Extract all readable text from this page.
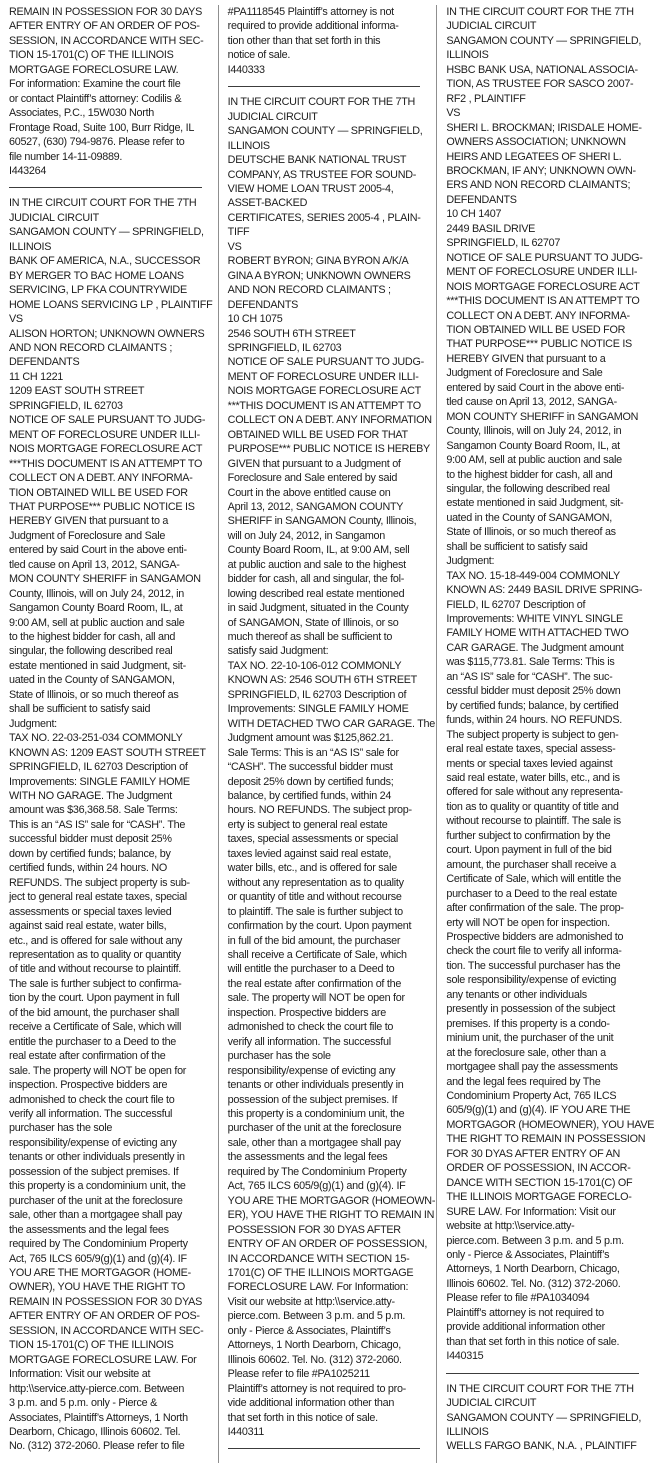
REMAIN IN POSSESSION FOR 30 DAYS
AFTER ENTRY OF AN ORDER OF POS-
SESSION, IN ACCORDANCE WITH SEC-
TION 15-1701(C) OF THE ILLINOIS
MORTGAGE FORECLOSURE LAW.
For information: Examine the court file
or contact Plaintiff’s attorney: Codilis &
Associates, P.C., 15W030 North
Frontage Road, Suite 100, Burr Ridge, IL
60527, (630) 794-9876. Please refer to
file number 14-11-09889.
I443264
IN THE CIRCUIT COURT FOR THE 7TH
JUDICIAL CIRCUIT
SANGAMON COUNTY — SPRINGFIELD,
ILLINOIS
BANK OF AMERICA, N.A., SUCCESSOR
BY MERGER TO BAC HOME LOANS
SERVICING, LP FKA COUNTRYWIDE
HOME LOANS SERVICING LP , PLAINTIFF
VS
ALISON HORTON; UNKNOWN OWNERS
AND NON RECORD CLAIMANTS ;
DEFENDANTS
11 CH 1221
1209 EAST SOUTH STREET
SPRINGFIELD, IL 62703
NOTICE OF SALE PURSUANT TO JUDG-
MENT OF FORECLOSURE UNDER ILLI-
NOIS MORTGAGE FORECLOSURE ACT
***THIS DOCUMENT IS AN ATTEMPT TO
COLLECT ON A DEBT. ANY INFORMA-
TION OBTAINED WILL BE USED FOR
THAT PURPOSE*** PUBLIC NOTICE IS
HEREBY GIVEN that pursuant to a
Judgment of Foreclosure and Sale
entered by said Court in the above enti-
tled cause on April 13, 2012, SANGA-
MON COUNTY SHERIFF in SANGAMON
County, Illinois, will on July 24, 2012, in
Sangamon County Board Room, IL, at
9:00 AM, sell at public auction and sale
to the highest bidder for cash, all and
singular, the following described real
estate mentioned in said Judgment, sit-
uated in the County of SANGAMON,
State of Illinois, or so much thereof as
shall be sufficient to satisfy said
Judgment:
TAX NO. 22-03-251-034 COMMONLY
KNOWN AS: 1209 EAST SOUTH STREET
SPRINGFIELD, IL 62703 Description of
Improvements: SINGLE FAMILY HOME
WITH NO GARAGE. The Judgment
amount was $36,368.58. Sale Terms:
This is an “AS IS” sale for “CASH”. The
successful bidder must deposit 25%
down by certified funds; balance, by
certified funds, within 24 hours. NO
REFUNDS. The subject property is sub-
ject to general real estate taxes, special
assessments or special taxes levied
against said real estate, water bills,
etc., and is offered for sale without any
representation as to quality or quantity
of title and without recourse to plaintiff.
The sale is further subject to confirma-
tion by the court. Upon payment in full
of the bid amount, the purchaser shall
receive a Certificate of Sale, which will
entitle the purchaser to a Deed to the
real estate after confirmation of the
sale. The property will NOT be open for
inspection. Prospective bidders are
admonished to check the court file to
verify all information. The successful
purchaser has the sole
responsibility/expense of evicting any
tenants or other individuals presently in
possession of the subject premises. If
this property is a condominium unit, the
purchaser of the unit at the foreclosure
sale, other than a mortgagee shall pay
the assessments and the legal fees
required by The Condominium Property
Act, 765 ILCS 605/9(g)(1) and (g)(4). IF
YOU ARE THE MORTGAGOR (HOME-
OWNER), YOU HAVE THE RIGHT TO
REMAIN IN POSSESSION FOR 30 DYAS
AFTER ENTRY OF AN ORDER OF POS-
SESSION, IN ACCORDANCE WITH SEC-
TION 15-1701(C) OF THE ILLINOIS
MORTGAGE FORECLOSURE LAW. For
Information: Visit our website at
http:\\service.atty-pierce.com. Between
3 p.m. and 5 p.m. only - Pierce &
Associates, Plaintiff’s Attorneys, 1 North
Dearborn, Chicago, Illinois 60602. Tel.
No. (312) 372-2060. Please refer to file
#PA1118545 Plaintiff’s attorney is not
required to provide additional informa-
tion other than that set forth in this
notice of sale.
I440333
IN THE CIRCUIT COURT FOR THE 7TH
JUDICIAL CIRCUIT
SANGAMON COUNTY — SPRINGFIELD,
ILLINOIS
DEUTSCHE BANK NATIONAL TRUST
COMPANY, AS TRUSTEE FOR SOUND-
VIEW HOME LOAN TRUST 2005-4,
ASSET-BACKED
CERTIFICATES, SERIES 2005-4 , PLAIN-
TIFF
VS
ROBERT BYRON; GINA BYRON A/K/A
GINA A BYRON; UNKNOWN OWNERS
AND NON RECORD CLAIMANTS ;
DEFENDANTS
10 CH 1075
2546 SOUTH 6TH STREET
SPRINGFIELD, IL 62703
NOTICE OF SALE PURSUANT TO JUDG-
MENT OF FORECLOSURE UNDER ILLI-
NOIS MORTGAGE FORECLOSURE ACT
***THIS DOCUMENT IS AN ATTEMPT TO
COLLECT ON A DEBT. ANY INFORMATION
OBTAINED WILL BE USED FOR THAT
PURPOSE*** PUBLIC NOTICE IS HEREBY
GIVEN that pursuant to a Judgment of
Foreclosure and Sale entered by said
Court in the above entitled cause on
April 13, 2012, SANGAMON COUNTY
SHERIFF in SANGAMON County, Illinois,
will on July 24, 2012, in Sangamon
County Board Room, IL, at 9:00 AM, sell
at public auction and sale to the highest
bidder for cash, all and singular, the fol-
lowing described real estate mentioned
in said Judgment, situated in the County
of SANGAMON, State of Illinois, or so
much thereof as shall be sufficient to
satisfy said Judgment:
TAX NO. 22-10-106-012 COMMONLY
KNOWN AS: 2546 SOUTH 6TH STREET
SPRINGFIELD, IL 62703 Description of
Improvements: SINGLE FAMILY HOME
WITH DETACHED TWO CAR GARAGE. The
Judgment amount was $125,862.21.
Sale Terms: This is an “AS IS” sale for
“CASH”. The successful bidder must
deposit 25% down by certified funds;
balance, by certified funds, within 24
hours. NO REFUNDS. The subject prop-
erty is subject to general real estate
taxes, special assessments or special
taxes levied against said real estate,
water bills, etc., and is offered for sale
without any representation as to quality
or quantity of title and without recourse
to plaintiff. The sale is further subject to
confirmation by the court. Upon payment
in full of the bid amount, the purchaser
shall receive a Certificate of Sale, which
will entitle the purchaser to a Deed to
the real estate after confirmation of the
sale. The property will NOT be open for
inspection. Prospective bidders are
admonished to check the court file to
verify all information. The successful
purchaser has the sole
responsibility/expense of evicting any
tenants or other individuals presently in
possession of the subject premises. If
this property is a condominium unit, the
purchaser of the unit at the foreclosure
sale, other than a mortgagee shall pay
the assessments and the legal fees
required by The Condominium Property
Act, 765 ILCS 605/9(g)(1) and (g)(4). IF
YOU ARE THE MORTGAGOR (HOMEOWN-
ER), YOU HAVE THE RIGHT TO REMAIN IN
POSSESSION FOR 30 DYAS AFTER
ENTRY OF AN ORDER OF POSSESSION,
IN ACCORDANCE WITH SECTION 15-
1701(C) OF THE ILLINOIS MORTGAGE
FORECLOSURE LAW. For Information:
Visit our website at http:\\service.atty-
pierce.com. Between 3 p.m. and 5 p.m.
only - Pierce & Associates, Plaintiff’s
Attorneys, 1 North Dearborn, Chicago,
Illinois 60602. Tel. No. (312) 372-2060.
Please refer to file #PA1025211
Plaintiff’s attorney is not required to pro-
vide additional information other than
that set forth in this notice of sale.
I440311
IN THE CIRCUIT COURT FOR THE 7TH
JUDICIAL CIRCUIT
SANGAMON COUNTY — SPRINGFIELD,
ILLINOIS
HSBC BANK USA, NATIONAL ASSOCIA-
TION, AS TRUSTEE FOR SASCO 2007-
RF2 , PLAINTIFF
VS
SHERI L. BROCKMAN; IRISDALE HOME-
OWNERS ASSOCIATION; UNKNOWN
HEIRS AND LEGATEES OF SHERI L.
BROCKMAN, IF ANY; UNKNOWN OWN-
ERS AND NON RECORD CLAIMANTS;
DEFENDANTS
10 CH 1407
2449 BASIL DRIVE
SPRINGFIELD, IL 62707
NOTICE OF SALE PURSUANT TO JUDG-
MENT OF FORECLOSURE UNDER ILLI-
NOIS MORTGAGE FORECLOSURE ACT
***THIS DOCUMENT IS AN ATTEMPT TO
COLLECT ON A DEBT. ANY INFORMA-
TION OBTAINED WILL BE USED FOR
THAT PURPOSE*** PUBLIC NOTICE IS
HEREBY GIVEN that pursuant to a
Judgment of Foreclosure and Sale
entered by said Court in the above enti-
tled cause on April 13, 2012, SANGA-
MON COUNTY SHERIFF in SANGAMON
County, Illinois, will on July 24, 2012, in
Sangamon County Board Room, IL, at
9:00 AM, sell at public auction and sale
to the highest bidder for cash, all and
singular, the following described real
estate mentioned in said Judgment, sit-
uated in the County of SANGAMON,
State of Illinois, or so much thereof as
shall be sufficient to satisfy said
Judgment:
TAX NO. 15-18-449-004 COMMONLY
KNOWN AS: 2449 BASIL DRIVE SPRING-
FIELD, IL 62707 Description of
Improvements: WHITE VINYL SINGLE
FAMILY HOME WITH ATTACHED TWO
CAR GARAGE. The Judgment amount
was $115,773.81. Sale Terms: This is
an “AS IS” sale for “CASH”. The suc-
cessful bidder must deposit 25% down
by certified funds; balance, by certified
funds, within 24 hours. NO REFUNDS.
The subject property is subject to gen-
eral real estate taxes, special assess-
ments or special taxes levied against
said real estate, water bills, etc., and is
offered for sale without any representa-
tion as to quality or quantity of title and
without recourse to plaintiff. The sale is
further subject to confirmation by the
court. Upon payment in full of the bid
amount, the purchaser shall receive a
Certificate of Sale, which will entitle the
purchaser to a Deed to the real estate
after confirmation of the sale. The prop-
erty will NOT be open for inspection.
Prospective bidders are admonished to
check the court file to verify all informa-
tion. The successful purchaser has the
sole responsibility/expense of evicting
any tenants or other individuals
presently in possession of the subject
premises. If this property is a condo-
minium unit, the purchaser of the unit
at the foreclosure sale, other than a
mortgagee shall pay the assessments
and the legal fees required by The
Condominium Property Act, 765 ILCS
605/9(g)(1) and (g)(4). IF YOU ARE THE
MORTGAGOR (HOMEOWNER), YOU HAVE
THE RIGHT TO REMAIN IN POSSESSION
FOR 30 DYAS AFTER ENTRY OF AN
ORDER OF POSSESSION, IN ACCOR-
DANCE WITH SECTION 15-1701(C) OF
THE ILLINOIS MORTGAGE FORECLO-
SURE LAW. For Information: Visit our
website at http:\\service.atty-
pierce.com. Between 3 p.m. and 5 p.m.
only - Pierce & Associates, Plaintiff’s
Attorneys, 1 North Dearborn, Chicago,
Illinois 60602. Tel. No. (312) 372-2060.
Please refer to file #PA1034094
Plaintiff’s attorney is not required to
provide additional information other
than that set forth in this notice of sale.
I440315
IN THE CIRCUIT COURT FOR THE 7TH
JUDICIAL CIRCUIT
SANGAMON COUNTY — SPRINGFIELD,
ILLINOIS
WELLS FARGO BANK, N.A. , PLAINTIFF
